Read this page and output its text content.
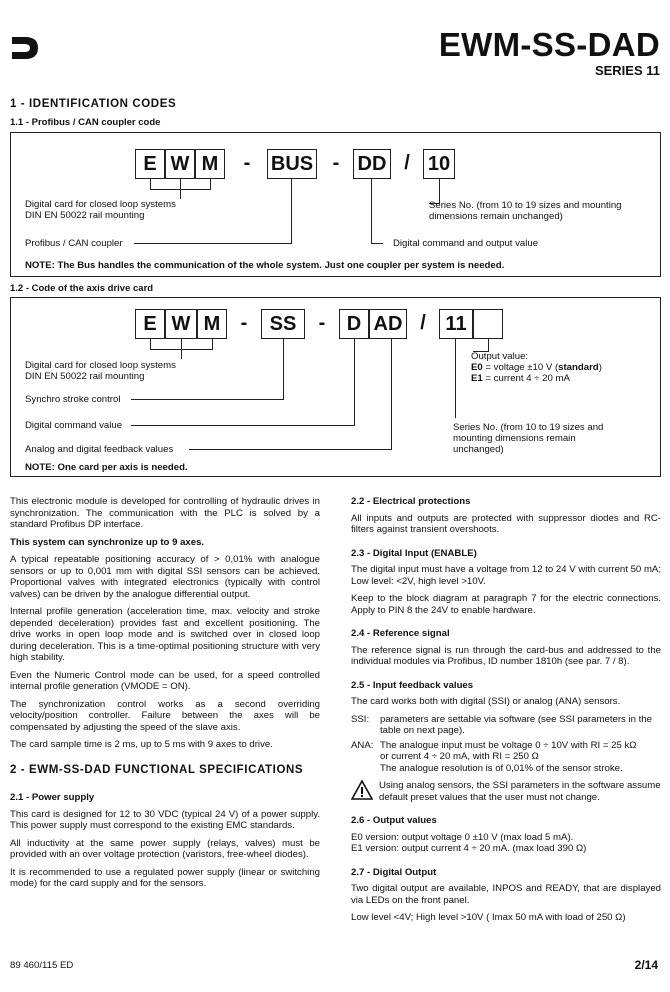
EWM-SS-DAD
SERIES 11
1 - IDENTIFICATION CODES
1.1 - Profibus / CAN coupler code
E W M	-	BUS - DD / 10
Digital card for closed loop systems
DIN EN 50022 rail mounting
Series No. (from 10 to 19 sizes and mounting
dimensions remain unchanged)
Profibus / CAN coupler	Digital command and output value
NOTE: The Bus handles the communication of the whole system. Just one coupler per system is needed.
1.2 - Code of the axis drive card
E W M	-	SS	-	D AD / 11
Digital card for closed loop systems
DIN EN 50022 rail mounting
Synchro stroke control
Digital command value
Analog and digital feedback values
Output value:
E0 = voltage ±10 V (standard)
E1 = current 4 ÷ 20 mA
Series No. (from 10 to 19 sizes and
mounting dimensions remain
unchanged)
NOTE: One card per axis is needed.

This electronic module is developed for controlling of hydraulic drives in synchronization. The communication with the PLC is solved by a standard Profibus DP interface.

This system can synchronize up to 9 axes.

A typical repeatable positioning accuracy of > 0,01% with analogue sensors or up to 0,001 mm with digital SSI sensors can be achieved. Proportional valves with integrated electronics (typically with control valves) can be driven by the analogue differential output.

Internal profile generation (acceleration time, max. velocity and stroke depended deceleration) provides fast and excellent positioning. The drive works in open loop mode and is switched over in closed loop during deceleration. This is a time-optimal positioning structure with very high stability.

Even the Numeric Control mode can be used, for a speed controlled internal profile generation (VMODE = ON).

The synchronization control works as a second overriding velocity/position controller. Failure between the axes will be compensated by adjusting the speed of the slave axis.

The card sample time is 2 ms, up to 5 ms with 9 axes to drive.

2 - EWM-SS-DAD FUNCTIONAL SPECIFICATIONS
2.1 - Power supply

This card is designed for 12 to 30 VDC (typical 24 V) of a power supply. This power supply must correspond to the existing EMC standards.

All inductivity at the same power supply (relays, valves) must be provided with an over voltage protection (varistors, free-wheel diodes).

It is recommended to use a regulated power supply (linear or switching mode) for the card supply and for the sensors.

2.2 - Electrical protections

All inputs and outputs are protected with suppressor diodes and RC-filters against transient overshoots.

2.3 - Digital Input (ENABLE)

The digital input must have a voltage from 12 to 24 V with current 50 mA; Low level: <2V, high level >10V.

Keep to the block diagram at paragraph 7 for the electric connections. Apply to PIN 8 the 24V to enable hardware.

2.4 - Reference signal

The reference signal is run through the card-bus and addressed to the individual modules via Profibus, ID number 1810h (see par. 7 / 8).

2.5 - Input feedback values

The card works both with digital (SSI) or analog (ANA) sensors.

SSI:	parameters are settable via software (see SSI parameters in the table on next page).
ANA: The analogue input must be voltage 0 ÷ 10V with RI = 25 kΩ
or current 4 ÷ 20 mA, with RI = 250 Ω
The analogue resolution is of 0,01% of the sensor stroke.
Using analog sensors, the SSI parameters in the software assume default preset values that the user must not change.
2.6 - Output values
E0 version: output voltage 0 ±10 V (max load 5 mA).
E1 version: output current 4 ÷ 20 mA. (max load 390 Ω)
2.7 - Digital Output

Two digital output are available, INPOS and READY, that are displayed via LEDs on the front panel.

Low level <4V; High level >10V ( Imax 50 mA with load of 250 Ω)

89 460/115 ED	2/14
